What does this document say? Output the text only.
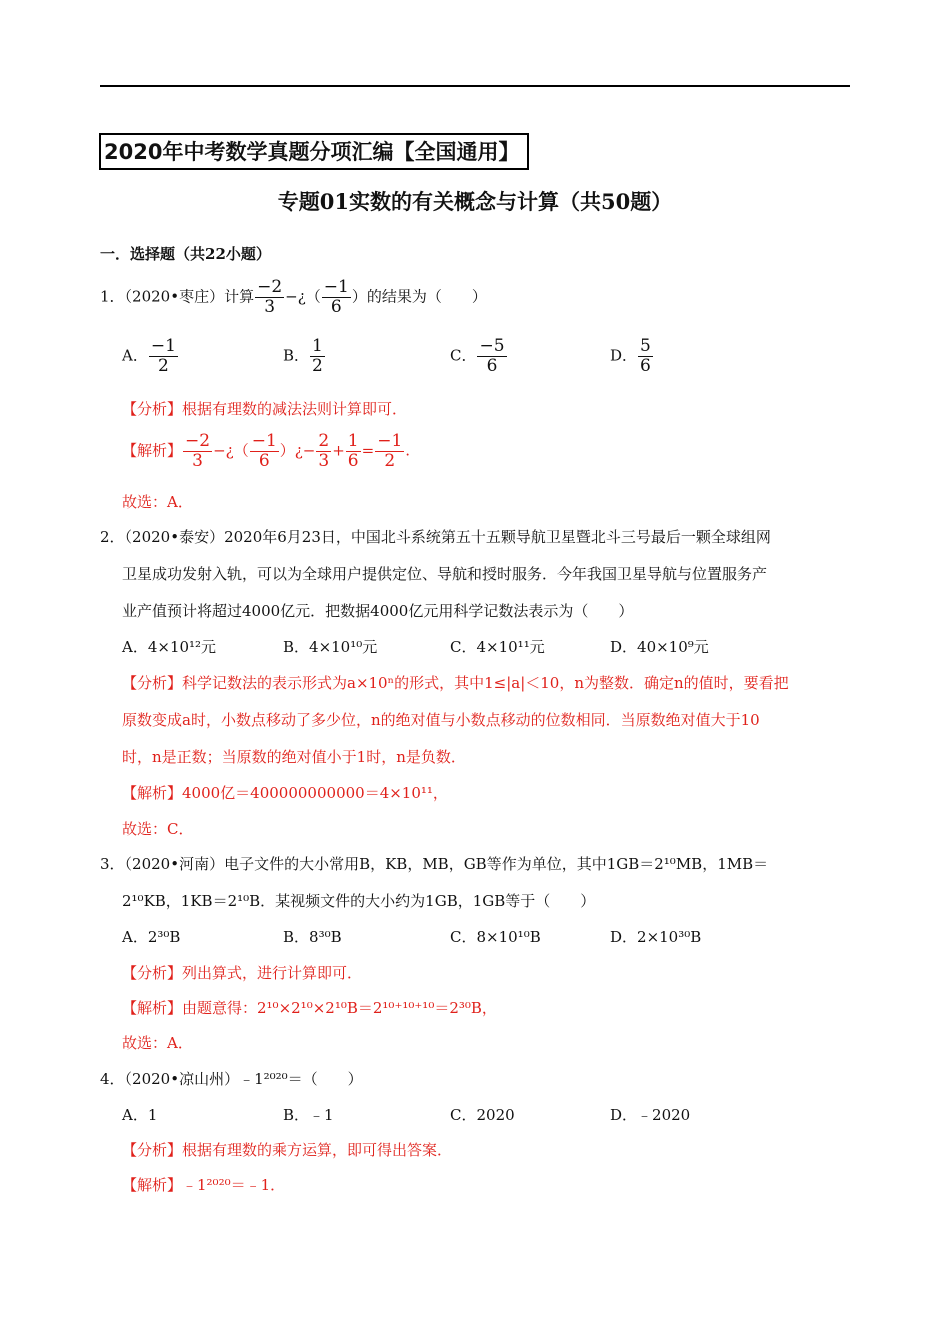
2020年中考数学真题分项汇编【全国通用】
专题01实数的有关概念与计算（共50题）
一．选择题（共22小题）
1．（2020•枣庄）计算 $\frac{-2}{3}$ −¿（ $\frac{-1}{6}$ ）的结果为（　　）
A． $\frac{-1}{2}$	B． $\frac{1}{2}$	C． $\frac{-5}{6}$	D． $\frac{5}{6}$
【分析】根据有理数的减法法则计算即可．
【解析】 $\frac{-2}{3}$ −¿（ $\frac{-1}{6}$ ）¿− $\frac{2}{3} + \frac{1}{6} = \frac{-1}{2}$ .
故选：A．
2．（2020•泰安）2020年6月23日，中国北斗系统第五十五颗导航卫星暨北斗三号最后一颗全球组网
卫星成功发射入轨，可以为全球用户提供定位、导航和授时服务．今年我国卫星导航与位置服务产
业产值预计将超过4000亿元．把数据4000亿元用科学记数法表示为（　　）
A．4×10¹²元	B．4×10¹⁰元	C．4×10¹¹元	D．40×10⁹元
【分析】科学记数法的表示形式为a×10ⁿ的形式，其中1≤|a|＜10，n为整数．确定n的值时，要看把
原数变成a时，小数点移动了多少位，n的绝对值与小数点移动的位数相同．当原数绝对值大于10
时，n是正数；当原数的绝对值小于1时，n是负数．
【解析】4000亿＝400000000000＝4×10¹¹，
故选：C．
3．（2020•河南）电子文件的大小常用B，KB，MB，GB等作为单位，其中1GB＝2¹⁰MB，1MB＝
2¹⁰KB，1KB＝2¹⁰B．某视频文件的大小约为1GB，1GB等于（　　）
A．2³⁰B	B．8³⁰B	C．8×10¹⁰B	D．2×10³⁰B
【分析】列出算式，进行计算即可．
【解析】由题意得：2¹⁰×2¹⁰×2¹⁰B＝2¹⁰⁺¹⁰⁺¹⁰＝2³⁰B，
故选：A．
4．（2020•凉山州）﹣1²⁰²⁰＝（　　）
A．1	B．﹣1	C．2020	D．﹣2020
【分析】根据有理数的乘方运算，即可得出答案．
【解析】﹣1²⁰²⁰＝﹣1．
